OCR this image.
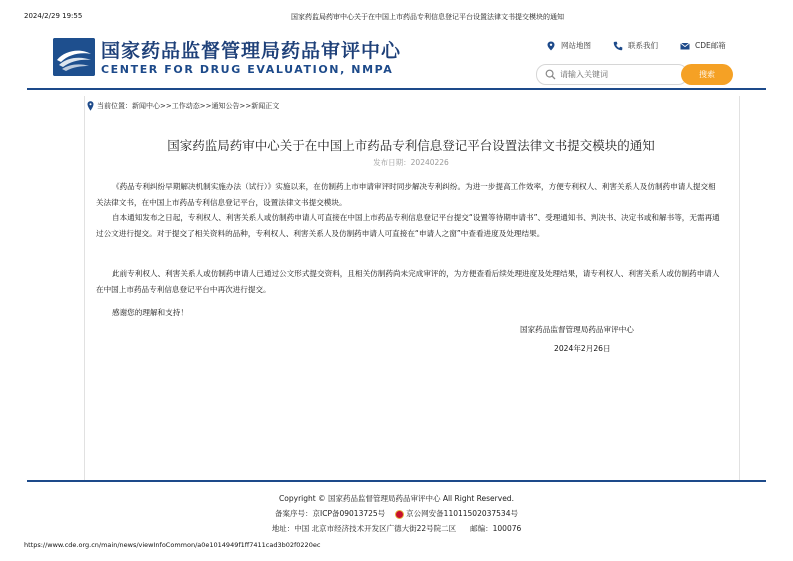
2024/2/29 19:55	国家药监局药审中心关于在中国上市药品专利信息登记平台设置法律文书提交模块的通知
国家药品监督管理局药品审评中心
CENTER FOR DRUG EVALUATION, NMPA
网站地图	联系我们	CDE邮箱
请输入关键词
搜索
当前位置：新闻中心>>工作动态>>通知公告>>新闻正文
国家药监局药审中心关于在中国上市药品专利信息登记平台设置法律文书提交模块的通知
发布日期：20240226

《药品专利纠纷早期解决机制实施办法（试行）》实施以来，在仿制药上市申请审评时同步解决专利纠纷。为进一步提高工作效率，方便专利权人、利害关系人及仿制药申请人提交相关法律文书，在中国上市药品专利信息登记平台，设置法律文书提交模块。

自本通知发布之日起，专利权人、利害关系人或仿制药申请人可直接在中国上市药品专利信息登记平台提交“设置等待期申请书”、受理通知书、判决书、决定书或和解书等，无需再通过公文进行提交。对于提交了相关资料的品种，专利权人、利害关系人及仿制药申请人可直接在“申请人之窗”中查看进度及处理结果。

此前专利权人、利害关系人或仿制药申请人已通过公文形式提交资料，且相关仿制药尚未完成审评的，为方便查看后续处理进度及处理结果，请专利权人、利害关系人或仿制药申请人在中国上市药品专利信息登记平台中再次进行提交。

感谢您的理解和支持！

国家药品监督管理局药品审评中心
2024年2月26日
Copyright © 国家药品监督管理局药品审评中心 All Right Reserved.
备案序号：京ICP备09013725号	京公网安备11011502037534号
地址：中国 北京市经济技术开发区广德大街22号院二区 邮编：100076
https://www.cde.org.cn/main/news/viewInfoCommon/a0e1014949f1ff7411cad3b02f0220ec
